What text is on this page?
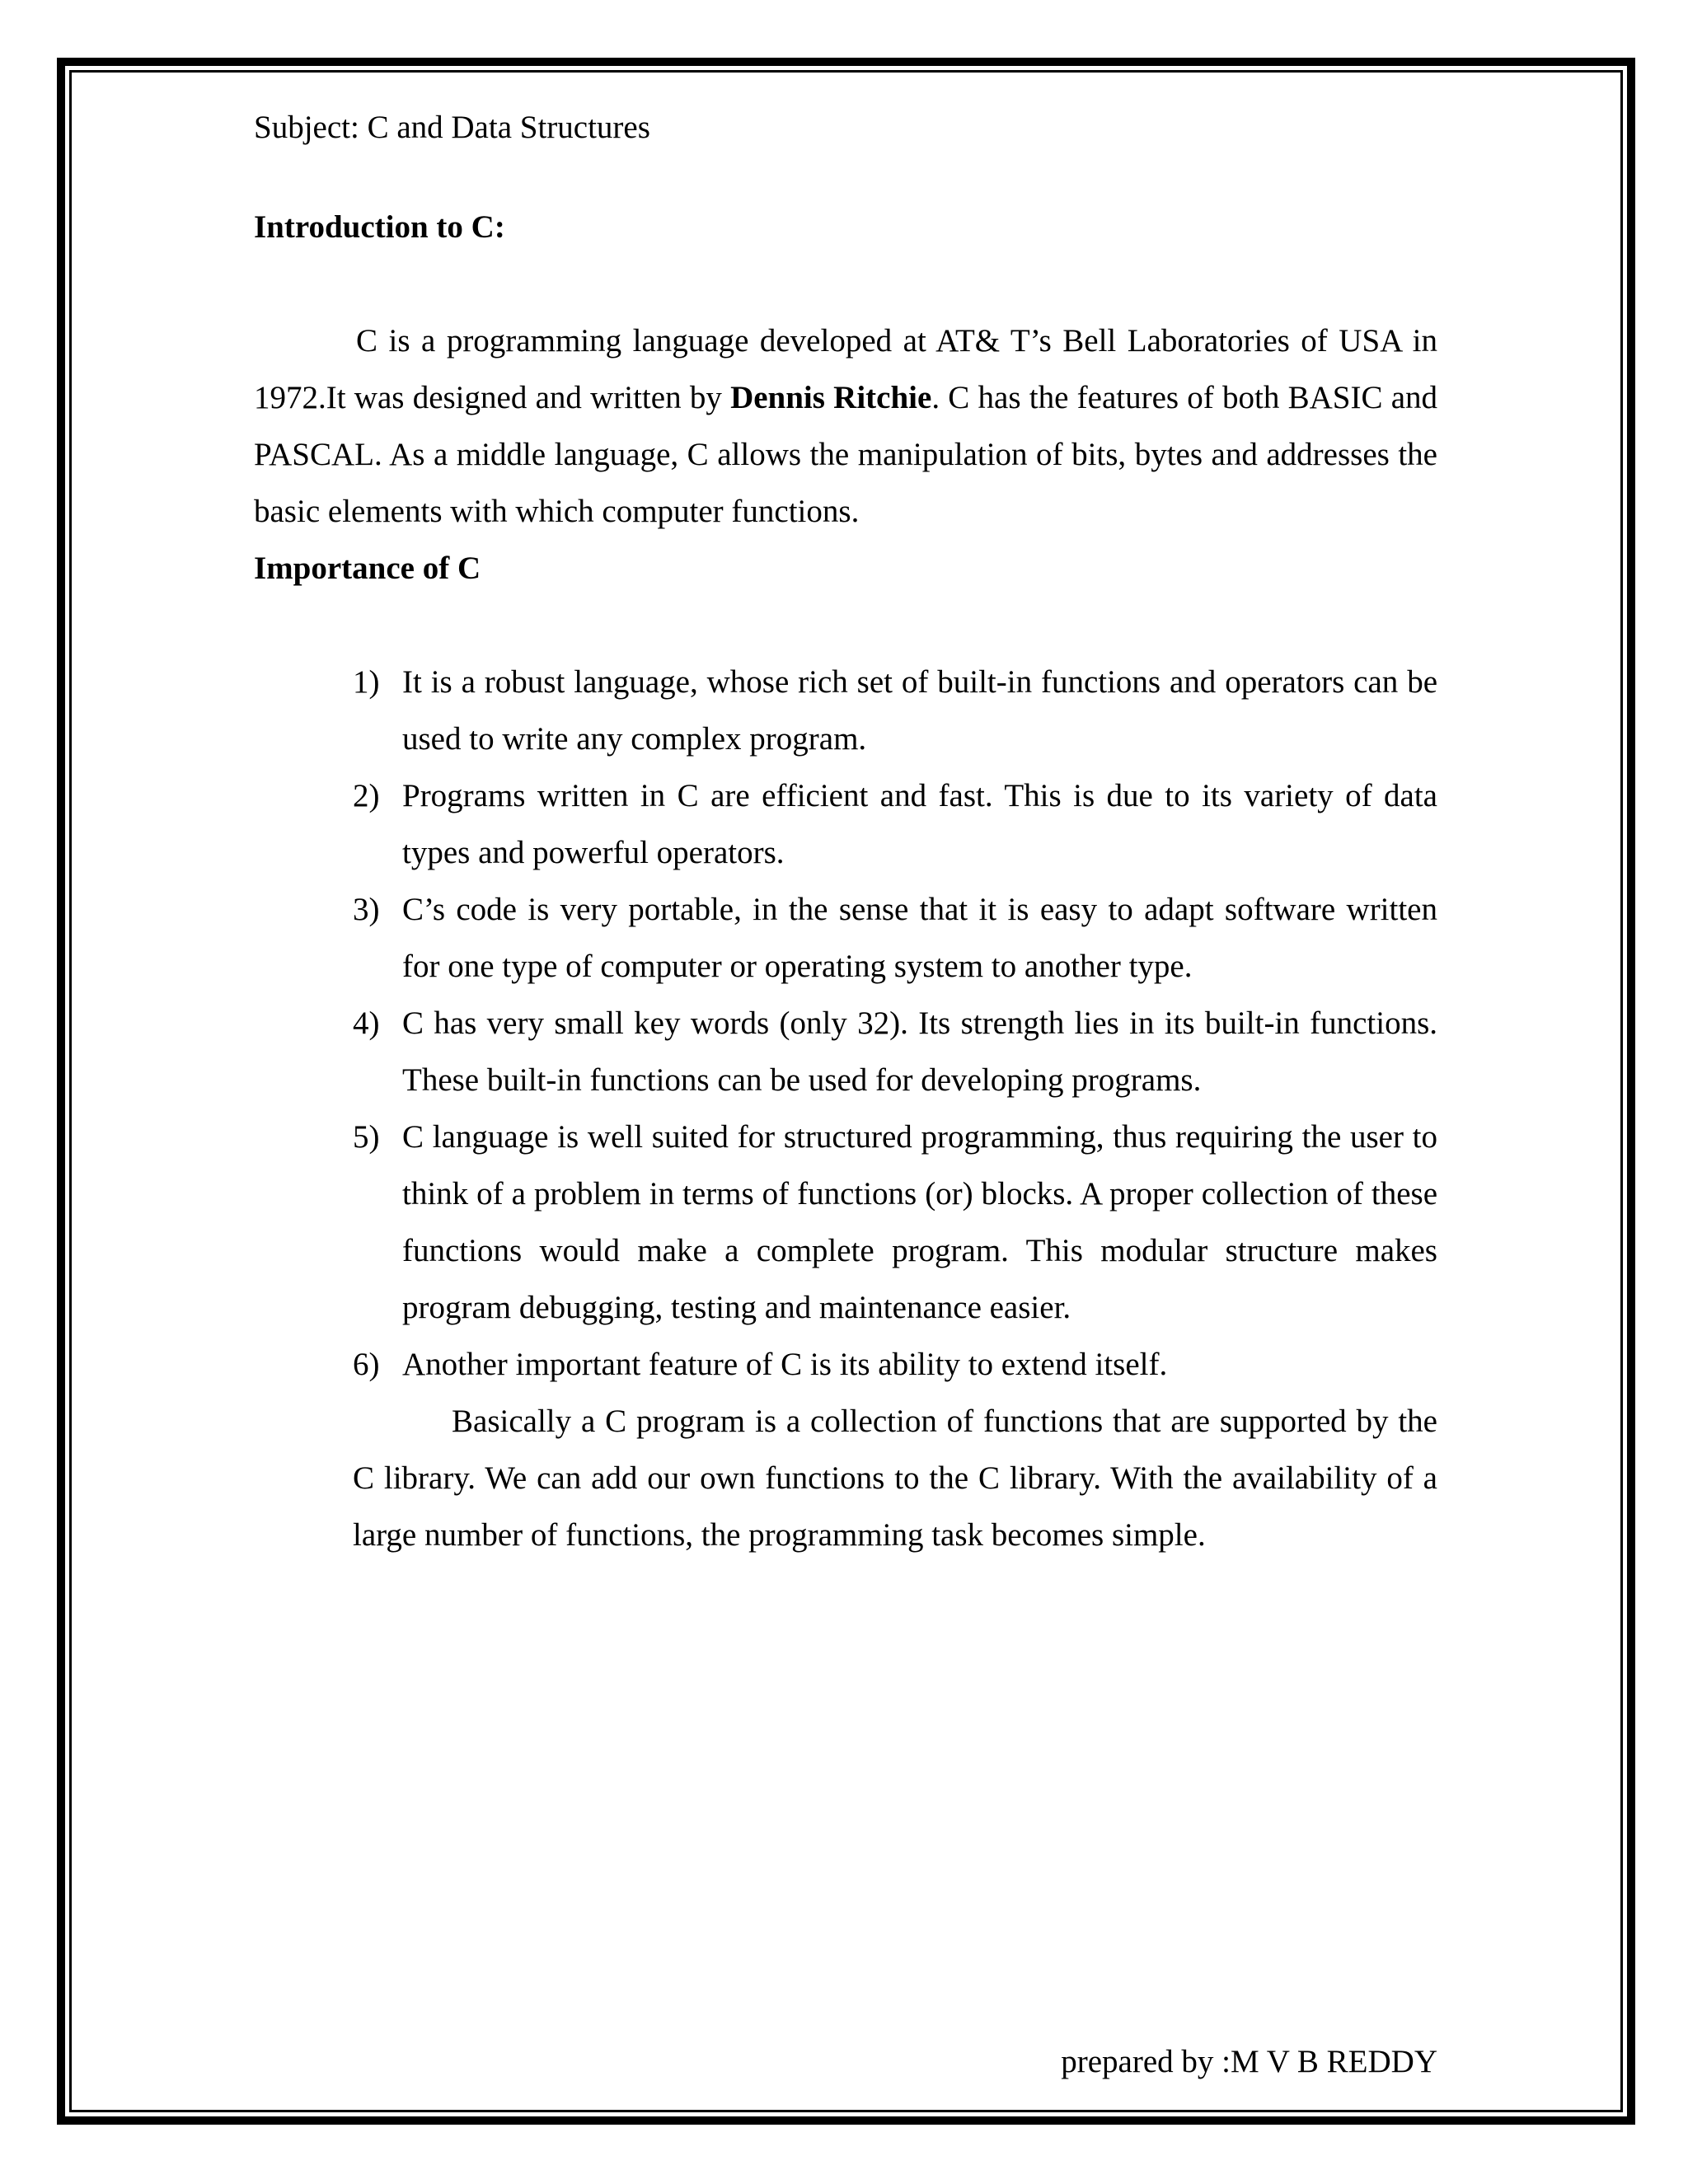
Subject: C and Data Structures

Introduction to C:

C is a programming language developed at AT& T’s Bell Laboratories of USA in 1972.It was designed and written by Dennis Ritchie. C has the features of both BASIC and PASCAL. As a middle language, C allows the manipulation of bits, bytes and addresses the basic elements with which computer functions.

Importance of C

1) It is a robust language, whose rich set of built-in functions and operators can be used to write any complex program.
2) Programs written in C are efficient and fast. This is due to its variety of data types and powerful operators.
3) C’s code is very portable, in the sense that it is easy to adapt software written for one type of computer or operating system to another type.
4) C has very small key words (only 32). Its strength lies in its built-in functions. These built-in functions can be used for developing programs.
5) C language is well suited for structured programming, thus requiring the user to think of a problem in terms of functions (or) blocks. A proper collection of these functions would make a complete program. This modular structure makes program debugging, testing and maintenance easier.
6) Another important feature of C is its ability to extend itself.

Basically a C program is a collection of functions that are supported by the C library. We can add our own functions to the C library. With the availability of a large number of functions, the programming task becomes simple.

prepared by :M V B REDDY
